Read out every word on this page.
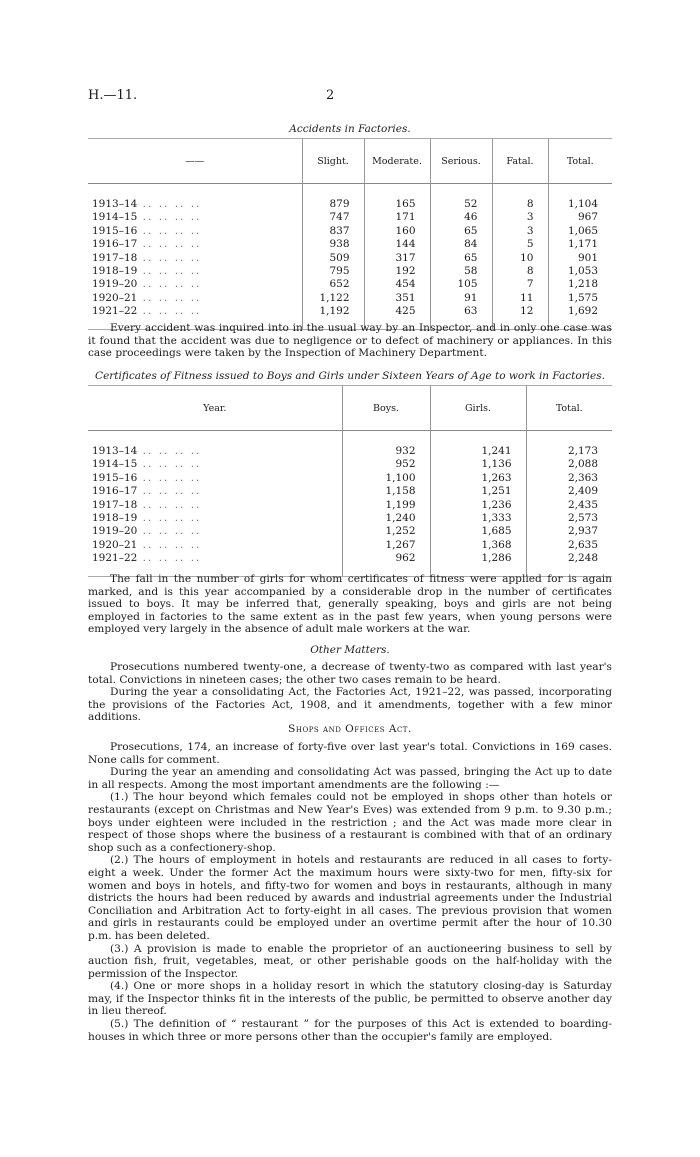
H.—11.	2
Accidents in Factories.
——	Slight.	Moderate.	Serious.	Fatal.	Total.

1913–14 .. .. .. ..	879	165	52	8	1,104
1914–15 .. .. .. ..	747	171	46	3	967
1915–16 .. .. .. ..	837	160	65	3	1,065
1916–17 .. .. .. ..	938	144	84	5	1,171
1917–18 .. .. .. ..	509	317	65	10	901
1918–19 .. .. .. ..	795	192	58	8	1,053
1919–20 .. .. .. ..	652	454	105	7	1,218
1920–21 .. .. .. ..	1,122	351	91	11	1,575
1921–22 .. .. .. ..	1,192	425	63	12	1,692

Every accident was inquired into in the usual way by an Inspector, and in only one case was it found that the accident was due to negligence or to defect of machinery or appliances. In this case proceedings were taken by the Inspection of Machinery Department.

Certificates of Fitness issued to Boys and Girls under Sixteen Years of Age to work in Factories.
Year.	Boys.	Girls.	Total.

1913–14 .. .. .. ..	932	1,241	2,173
1914–15 .. .. .. ..	952	1,136	2,088
1915–16 .. .. .. ..	1,100	1,263	2,363
1916–17 .. .. .. ..	1,158	1,251	2,409
1917–18 .. .. .. ..	1,199	1,236	2,435
1918–19 .. .. .. ..	1,240	1,333	2,573
1919–20 .. .. .. ..	1,252	1,685	2,937
1920–21 .. .. .. ..	1,267	1,368	2,635
1921–22 .. .. .. ..	962	1,286	2,248

The fall in the number of girls for whom certificates of fitness were applied for is again marked, and is this year accompanied by a considerable drop in the number of certificates issued to boys. It may be inferred that, generally speaking, boys and girls are not being employed in factories to the same extent as in the past few years, when young persons were employed very largely in the absence of adult male workers at the war.

Other Matters.

Prosecutions numbered twenty-one, a decrease of twenty-two as compared with last year's total. Convictions in nineteen cases; the other two cases remain to be heard.

During the year a consolidating Act, the Factories Act, 1921–22, was passed, incorporating the provisions of the Factories Act, 1908, and it amendments, together with a few minor additions.

Shops and Offices Act.

Prosecutions, 174, an increase of forty-five over last year's total. Convictions in 169 cases. None calls for comment.

During the year an amending and consolidating Act was passed, bringing the Act up to date in all respects. Among the most important amendments are the following :—

(1.) The hour beyond which females could not be employed in shops other than hotels or restaurants (except on Christmas and New Year's Eves) was extended from 9 p.m. to 9.30 p.m.; boys under eighteen were included in the restriction ; and the Act was made more clear in respect of those shops where the business of a restaurant is combined with that of an ordinary shop such as a confectionery-shop.

(2.) The hours of employment in hotels and restaurants are reduced in all cases to forty-eight a week. Under the former Act the maximum hours were sixty-two for men, fifty-six for women and boys in hotels, and fifty-two for women and boys in restaurants, although in many districts the hours had been reduced by awards and industrial agreements under the Industrial Conciliation and Arbitration Act to forty-eight in all cases. The previous provision that women and girls in restaurants could be employed under an overtime permit after the hour of 10.30 p.m. has been deleted.

(3.) A provision is made to enable the proprietor of an auctioneering business to sell by auction fish, fruit, vegetables, meat, or other perishable goods on the half-holiday with the permission of the Inspector.

(4.) One or more shops in a holiday resort in which the statutory closing-day is Saturday may, if the Inspector thinks fit in the interests of the public, be permitted to observe another day in lieu thereof.

(5.) The definition of “ restaurant ” for the purposes of this Act is extended to boarding-houses in which three or more persons other than the occupier's family are employed.
